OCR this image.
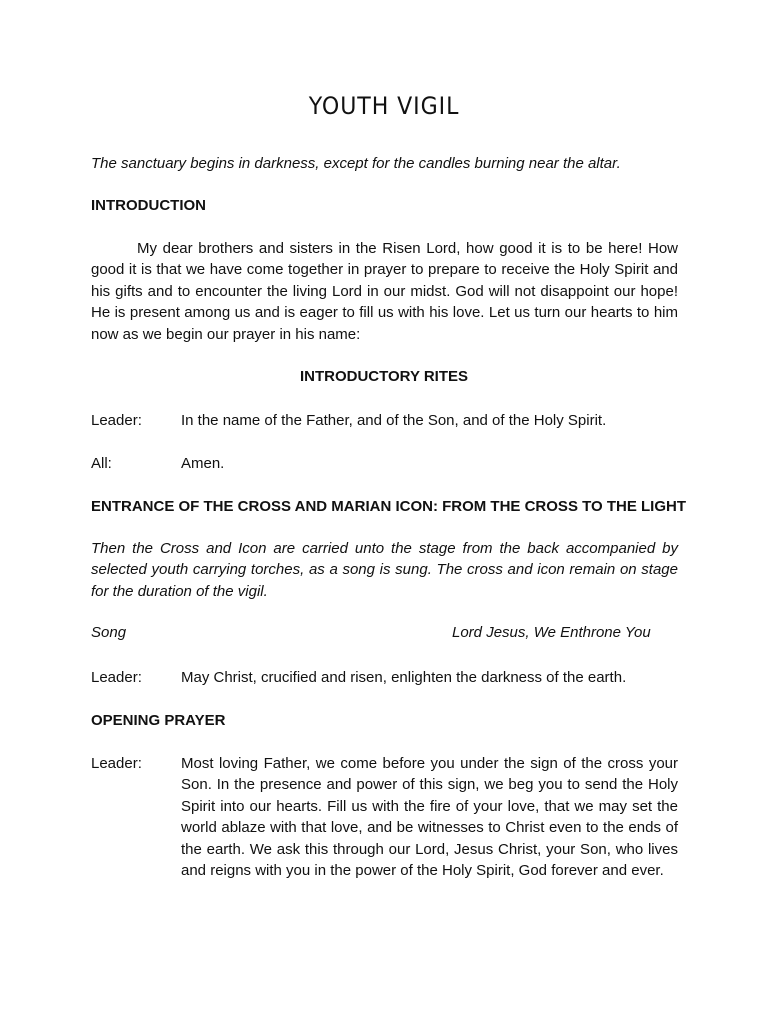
YOUTH VIGIL
The sanctuary begins in darkness, except for the candles burning near the altar.
INTRODUCTION
My dear brothers and sisters in the Risen Lord, how good it is to be here! How good it is that we have come together in prayer to prepare to receive the Holy Spirit and his gifts and to encounter the living Lord in our midst. God will not disappoint our hope! He is present among us and is eager to fill us with his love. Let us turn our hearts to him now as we begin our prayer in his name:
INTRODUCTORY RITES
Leader:	In the name of the Father, and of the Son, and of the Holy Spirit.
All:	Amen.
ENTRANCE OF THE CROSS AND MARIAN ICON: FROM THE CROSS TO THE LIGHT
Then the Cross and Icon are carried unto the stage from the back accompanied by selected youth carrying torches, as a song is sung. The cross and icon remain on stage for the duration of the vigil.
Song	Lord Jesus, We Enthrone You
Leader:	May Christ, crucified and risen, enlighten the darkness of the earth.
OPENING PRAYER
Leader:	Most loving Father, we come before you under the sign of the cross your Son. In the presence and power of this sign, we beg you to send the Holy Spirit into our hearts. Fill us with the fire of your love, that we may set the world ablaze with that love, and be witnesses to Christ even to the ends of the earth. We ask this through our Lord, Jesus Christ, your Son, who lives and reigns with you in the power of the Holy Spirit, God forever and ever.
